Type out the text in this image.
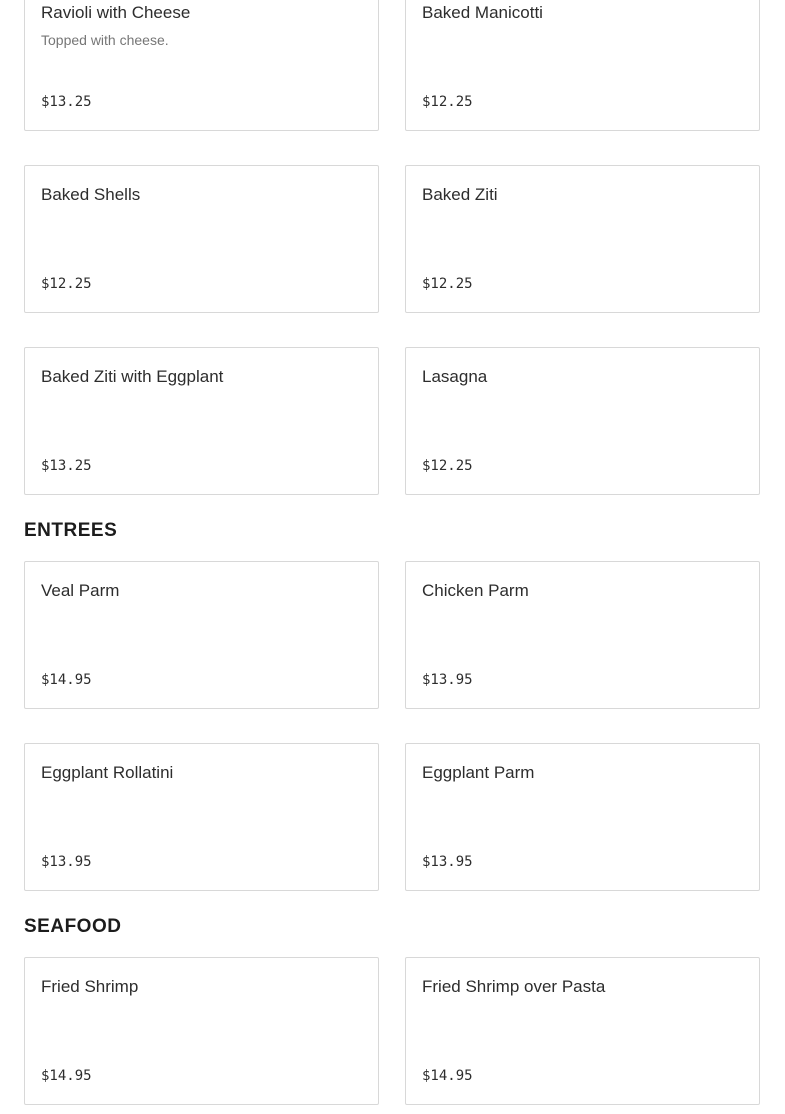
Ravioli with Cheese
Topped with cheese.
$13.25
Baked Manicotti
$12.25
Baked Shells
$12.25
Baked Ziti
$12.25
Baked Ziti with Eggplant
$13.25
Lasagna
$12.25
ENTREES
Veal Parm
$14.95
Chicken Parm
$13.95
Eggplant Rollatini
$13.95
Eggplant Parm
$13.95
SEAFOOD
Fried Shrimp
$14.95
Fried Shrimp over Pasta
$14.95
